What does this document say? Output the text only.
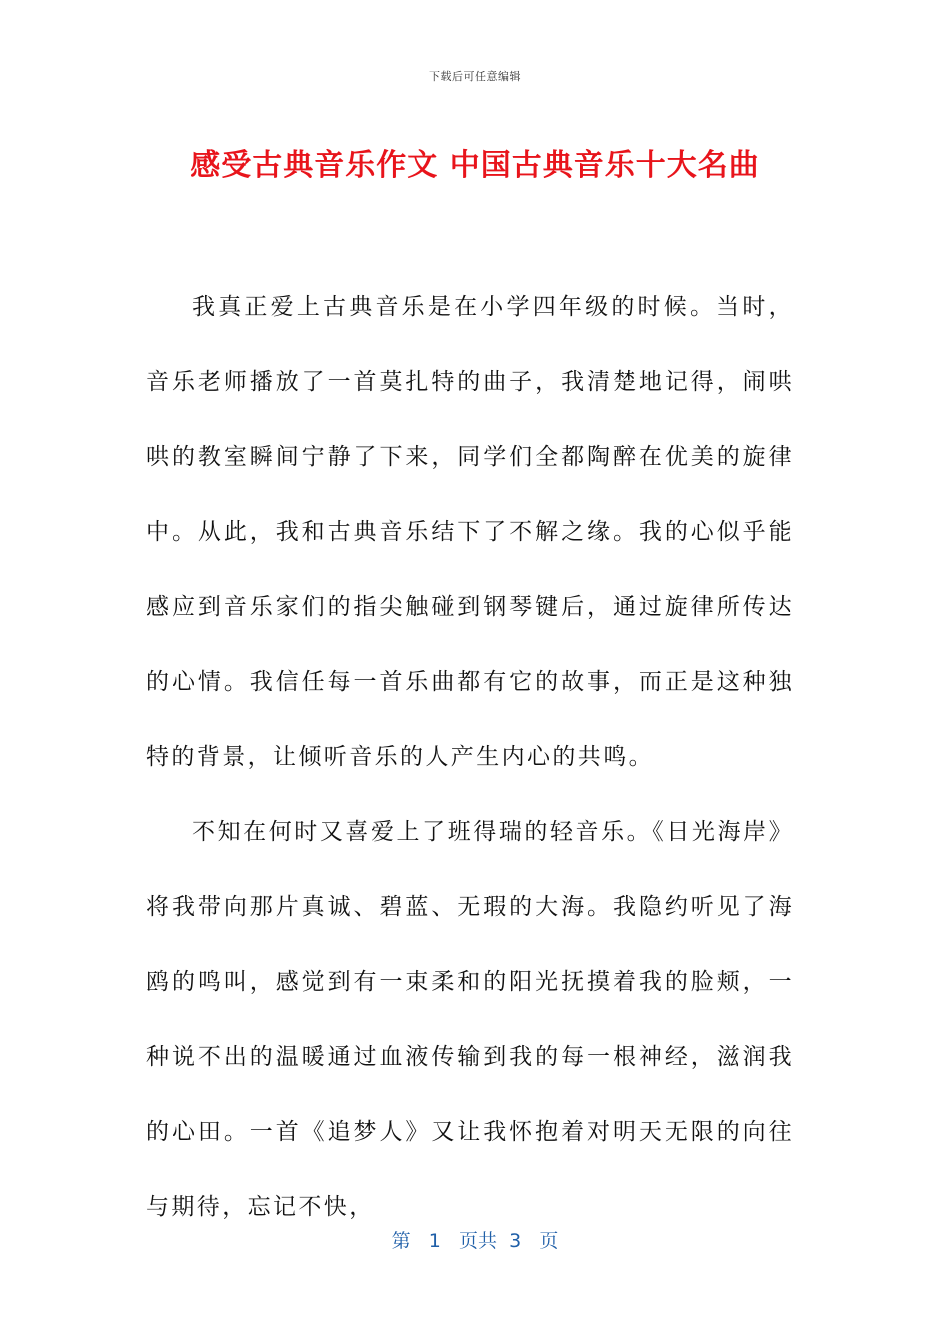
下载后可任意编辑
感受古典音乐作文 中国古典音乐十大名曲

我真正爱上古典音乐是在小学四年级的时候。当时，音乐老师播放了一首莫扎特的曲子，我清楚地记得，闹哄哄的教室瞬间宁静了下来，同学们全都陶醉在优美的旋律中。从此，我和古典音乐结下了不解之缘。我的心似乎能感应到音乐家们的指尖触碰到钢琴键后，通过旋律所传达的心情。我信任每一首乐曲都有它的故事，而正是这种独特的背景，让倾听音乐的人产生内心的共鸣。

不知在何时又喜爱上了班得瑞的轻音乐。《日光海岸》将我带向那片真诚、碧蓝、无瑕的大海。我隐约听见了海鸥的鸣叫，感觉到有一束柔和的阳光抚摸着我的脸颊，一种说不出的温暖通过血液传输到我的每一根神经，滋润我的心田。一首《追梦人》又让我怀抱着对明天无限的向往与期待，忘记不快，

第 1 页共 3 页
